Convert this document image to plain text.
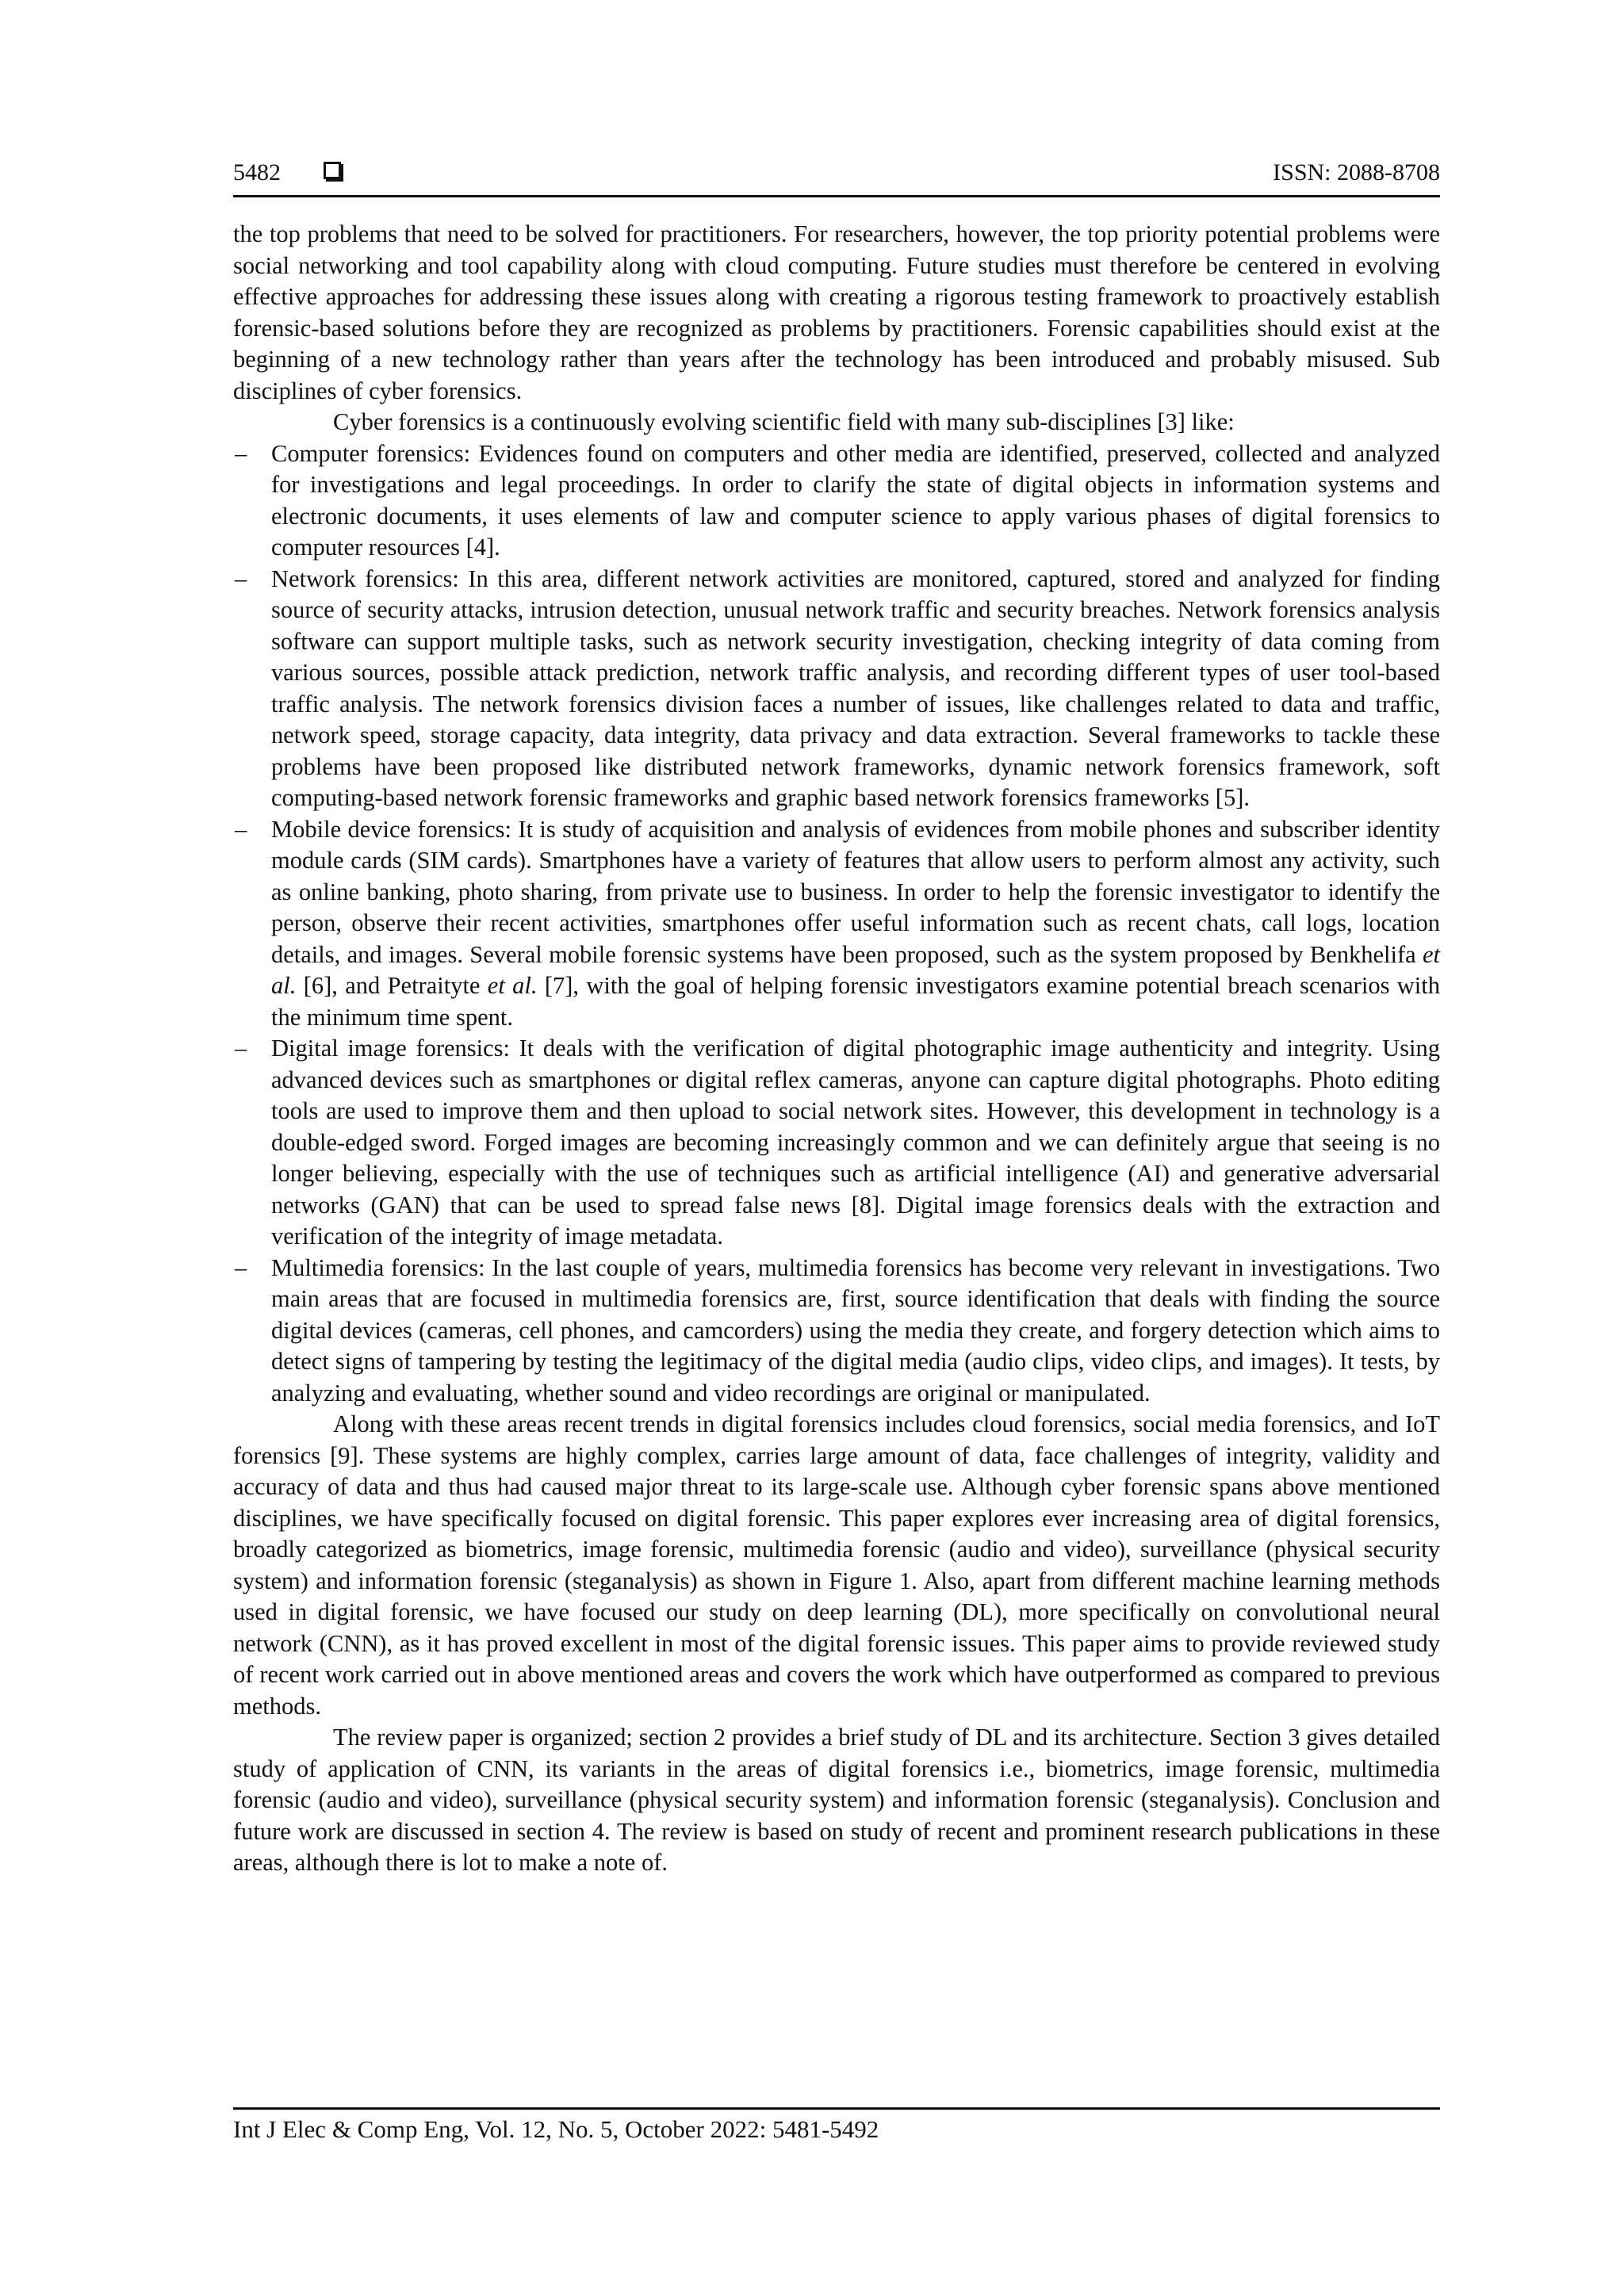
5482	ISSN: 2088-8708

the top problems that need to be solved for practitioners. For researchers, however, the top priority potential problems were social networking and tool capability along with cloud computing. Future studies must therefore be centered in evolving effective approaches for addressing these issues along with creating a rigorous testing framework to proactively establish forensic-based solutions before they are recognized as problems by practitioners. Forensic capabilities should exist at the beginning of a new technology rather than years after the technology has been introduced and probably misused. Sub disciplines of cyber forensics.

Cyber forensics is a continuously evolving scientific field with many sub-disciplines [3] like:

– Computer forensics: Evidences found on computers and other media are identified, preserved, collected and analyzed for investigations and legal proceedings. In order to clarify the state of digital objects in information systems and electronic documents, it uses elements of law and computer science to apply various phases of digital forensics to computer resources [4].
– Network forensics: In this area, different network activities are monitored, captured, stored and analyzed for finding source of security attacks, intrusion detection, unusual network traffic and security breaches. Network forensics analysis software can support multiple tasks, such as network security investigation, checking integrity of data coming from various sources, possible attack prediction, network traffic analysis, and recording different types of user tool-based traffic analysis. The network forensics division faces a number of issues, like challenges related to data and traffic, network speed, storage capacity, data integrity, data privacy and data extraction. Several frameworks to tackle these problems have been proposed like distributed network frameworks, dynamic network forensics framework, soft computing-based network forensic frameworks and graphic based network forensics frameworks [5].
– Mobile device forensics: It is study of acquisition and analysis of evidences from mobile phones and subscriber identity module cards (SIM cards). Smartphones have a variety of features that allow users to perform almost any activity, such as online banking, photo sharing, from private use to business. In order to help the forensic investigator to identify the person, observe their recent activities, smartphones offer useful information such as recent chats, call logs, location details, and images. Several mobile forensic systems have been proposed, such as the system proposed by Benkhelifa et al. [6], and Petraityte et al. [7], with the goal of helping forensic investigators examine potential breach scenarios with the minimum time spent.
– Digital image forensics: It deals with the verification of digital photographic image authenticity and integrity. Using advanced devices such as smartphones or digital reflex cameras, anyone can capture digital photographs. Photo editing tools are used to improve them and then upload to social network sites. However, this development in technology is a double-edged sword. Forged images are becoming increasingly common and we can definitely argue that seeing is no longer believing, especially with the use of techniques such as artificial intelligence (AI) and generative adversarial networks (GAN) that can be used to spread false news [8]. Digital image forensics deals with the extraction and verification of the integrity of image metadata.
– Multimedia forensics: In the last couple of years, multimedia forensics has become very relevant in investigations. Two main areas that are focused in multimedia forensics are, first, source identification that deals with finding the source digital devices (cameras, cell phones, and camcorders) using the media they create, and forgery detection which aims to detect signs of tampering by testing the legitimacy of the digital media (audio clips, video clips, and images). It tests, by analyzing and evaluating, whether sound and video recordings are original or manipulated.

Along with these areas recent trends in digital forensics includes cloud forensics, social media forensics, and IoT forensics [9]. These systems are highly complex, carries large amount of data, face challenges of integrity, validity and accuracy of data and thus had caused major threat to its large-scale use. Although cyber forensic spans above mentioned disciplines, we have specifically focused on digital forensic. This paper explores ever increasing area of digital forensics, broadly categorized as biometrics, image forensic, multimedia forensic (audio and video), surveillance (physical security system) and information forensic (steganalysis) as shown in Figure 1. Also, apart from different machine learning methods used in digital forensic, we have focused our study on deep learning (DL), more specifically on convolutional neural network (CNN), as it has proved excellent in most of the digital forensic issues. This paper aims to provide reviewed study of recent work carried out in above mentioned areas and covers the work which have outperformed as compared to previous methods.

The review paper is organized; section 2 provides a brief study of DL and its architecture. Section 3 gives detailed study of application of CNN, its variants in the areas of digital forensics i.e., biometrics, image forensic, multimedia forensic (audio and video), surveillance (physical security system) and information forensic (steganalysis). Conclusion and future work are discussed in section 4. The review is based on study of recent and prominent research publications in these areas, although there is lot to make a note of.

Int J Elec & Comp Eng, Vol. 12, No. 5, October 2022: 5481-5492
